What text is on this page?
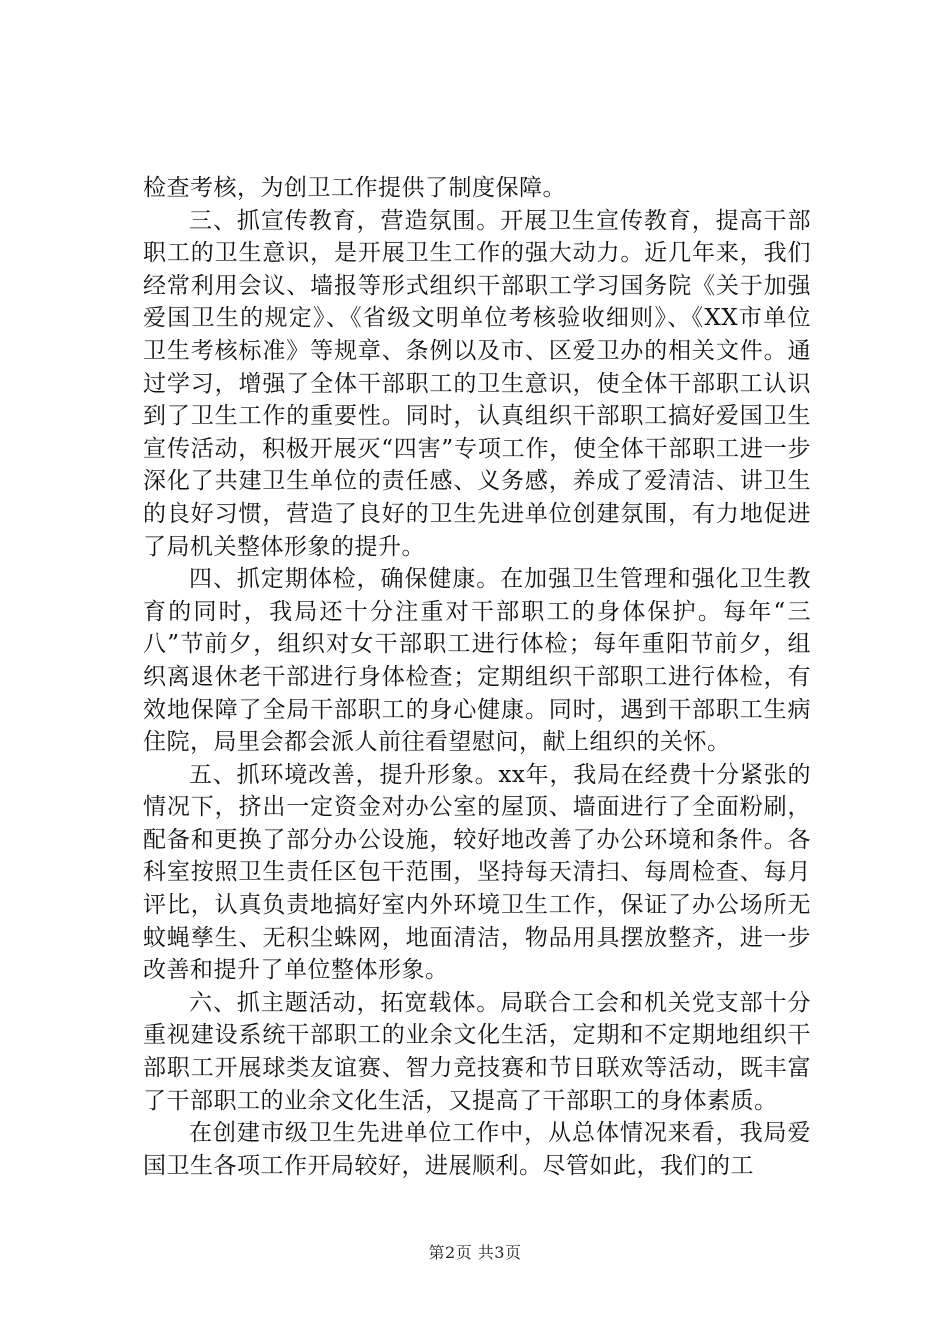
检查考核，为创卫工作提供了制度保障。

三、抓宣传教育，营造氛围。开展卫生宣传教育，提高干部职工的卫生意识，是开展卫生工作的强大动力。近几年来，我们经常利用会议、墙报等形式组织干部职工学习国务院《关于加强爱国卫生的规定》、《省级文明单位考核验收细则》、《XX市单位卫生考核标准》等规章、条例以及市、区爱卫办的相关文件。通过学习，增强了全体干部职工的卫生意识，使全体干部职工认识到了卫生工作的重要性。同时，认真组织干部职工搞好爱国卫生宣传活动，积极开展灭“四害”专项工作，使全体干部职工进一步深化了共建卫生单位的责任感、义务感，养成了爱清洁、讲卫生的良好习惯，营造了良好的卫生先进单位创建氛围，有力地促进了局机关整体形象的提升。

四、抓定期体检，确保健康。在加强卫生管理和强化卫生教育的同时，我局还十分注重对干部职工的身体保护。每年“三八”节前夕，组织对女干部职工进行体检；每年重阳节前夕，组织离退休老干部进行身体检查；定期组织干部职工进行体检，有效地保障了全局干部职工的身心健康。同时，遇到干部职工生病住院，局里会都会派人前往看望慰问，献上组织的关怀。

五、抓环境改善，提升形象。xx年，我局在经费十分紧张的情况下，挤出一定资金对办公室的屋顶、墙面进行了全面粉刷，配备和更换了部分办公设施，较好地改善了办公环境和条件。各科室按照卫生责任区包干范围，坚持每天清扫、每周检查、每月评比，认真负责地搞好室内外环境卫生工作，保证了办公场所无蚊蝇孳生、无积尘蛛网，地面清洁，物品用具摆放整齐，进一步改善和提升了单位整体形象。

六、抓主题活动，拓宽载体。局联合工会和机关党支部十分重视建设系统干部职工的业余文化生活，定期和不定期地组织干部职工开展球类友谊赛、智力竞技赛和节日联欢等活动，既丰富了干部职工的业余文化生活，又提高了干部职工的身体素质。

在创建市级卫生先进单位工作中，从总体情况来看，我局爱国卫生各项工作开局较好，进展顺利。尽管如此，我们的工

第2页 共3页
